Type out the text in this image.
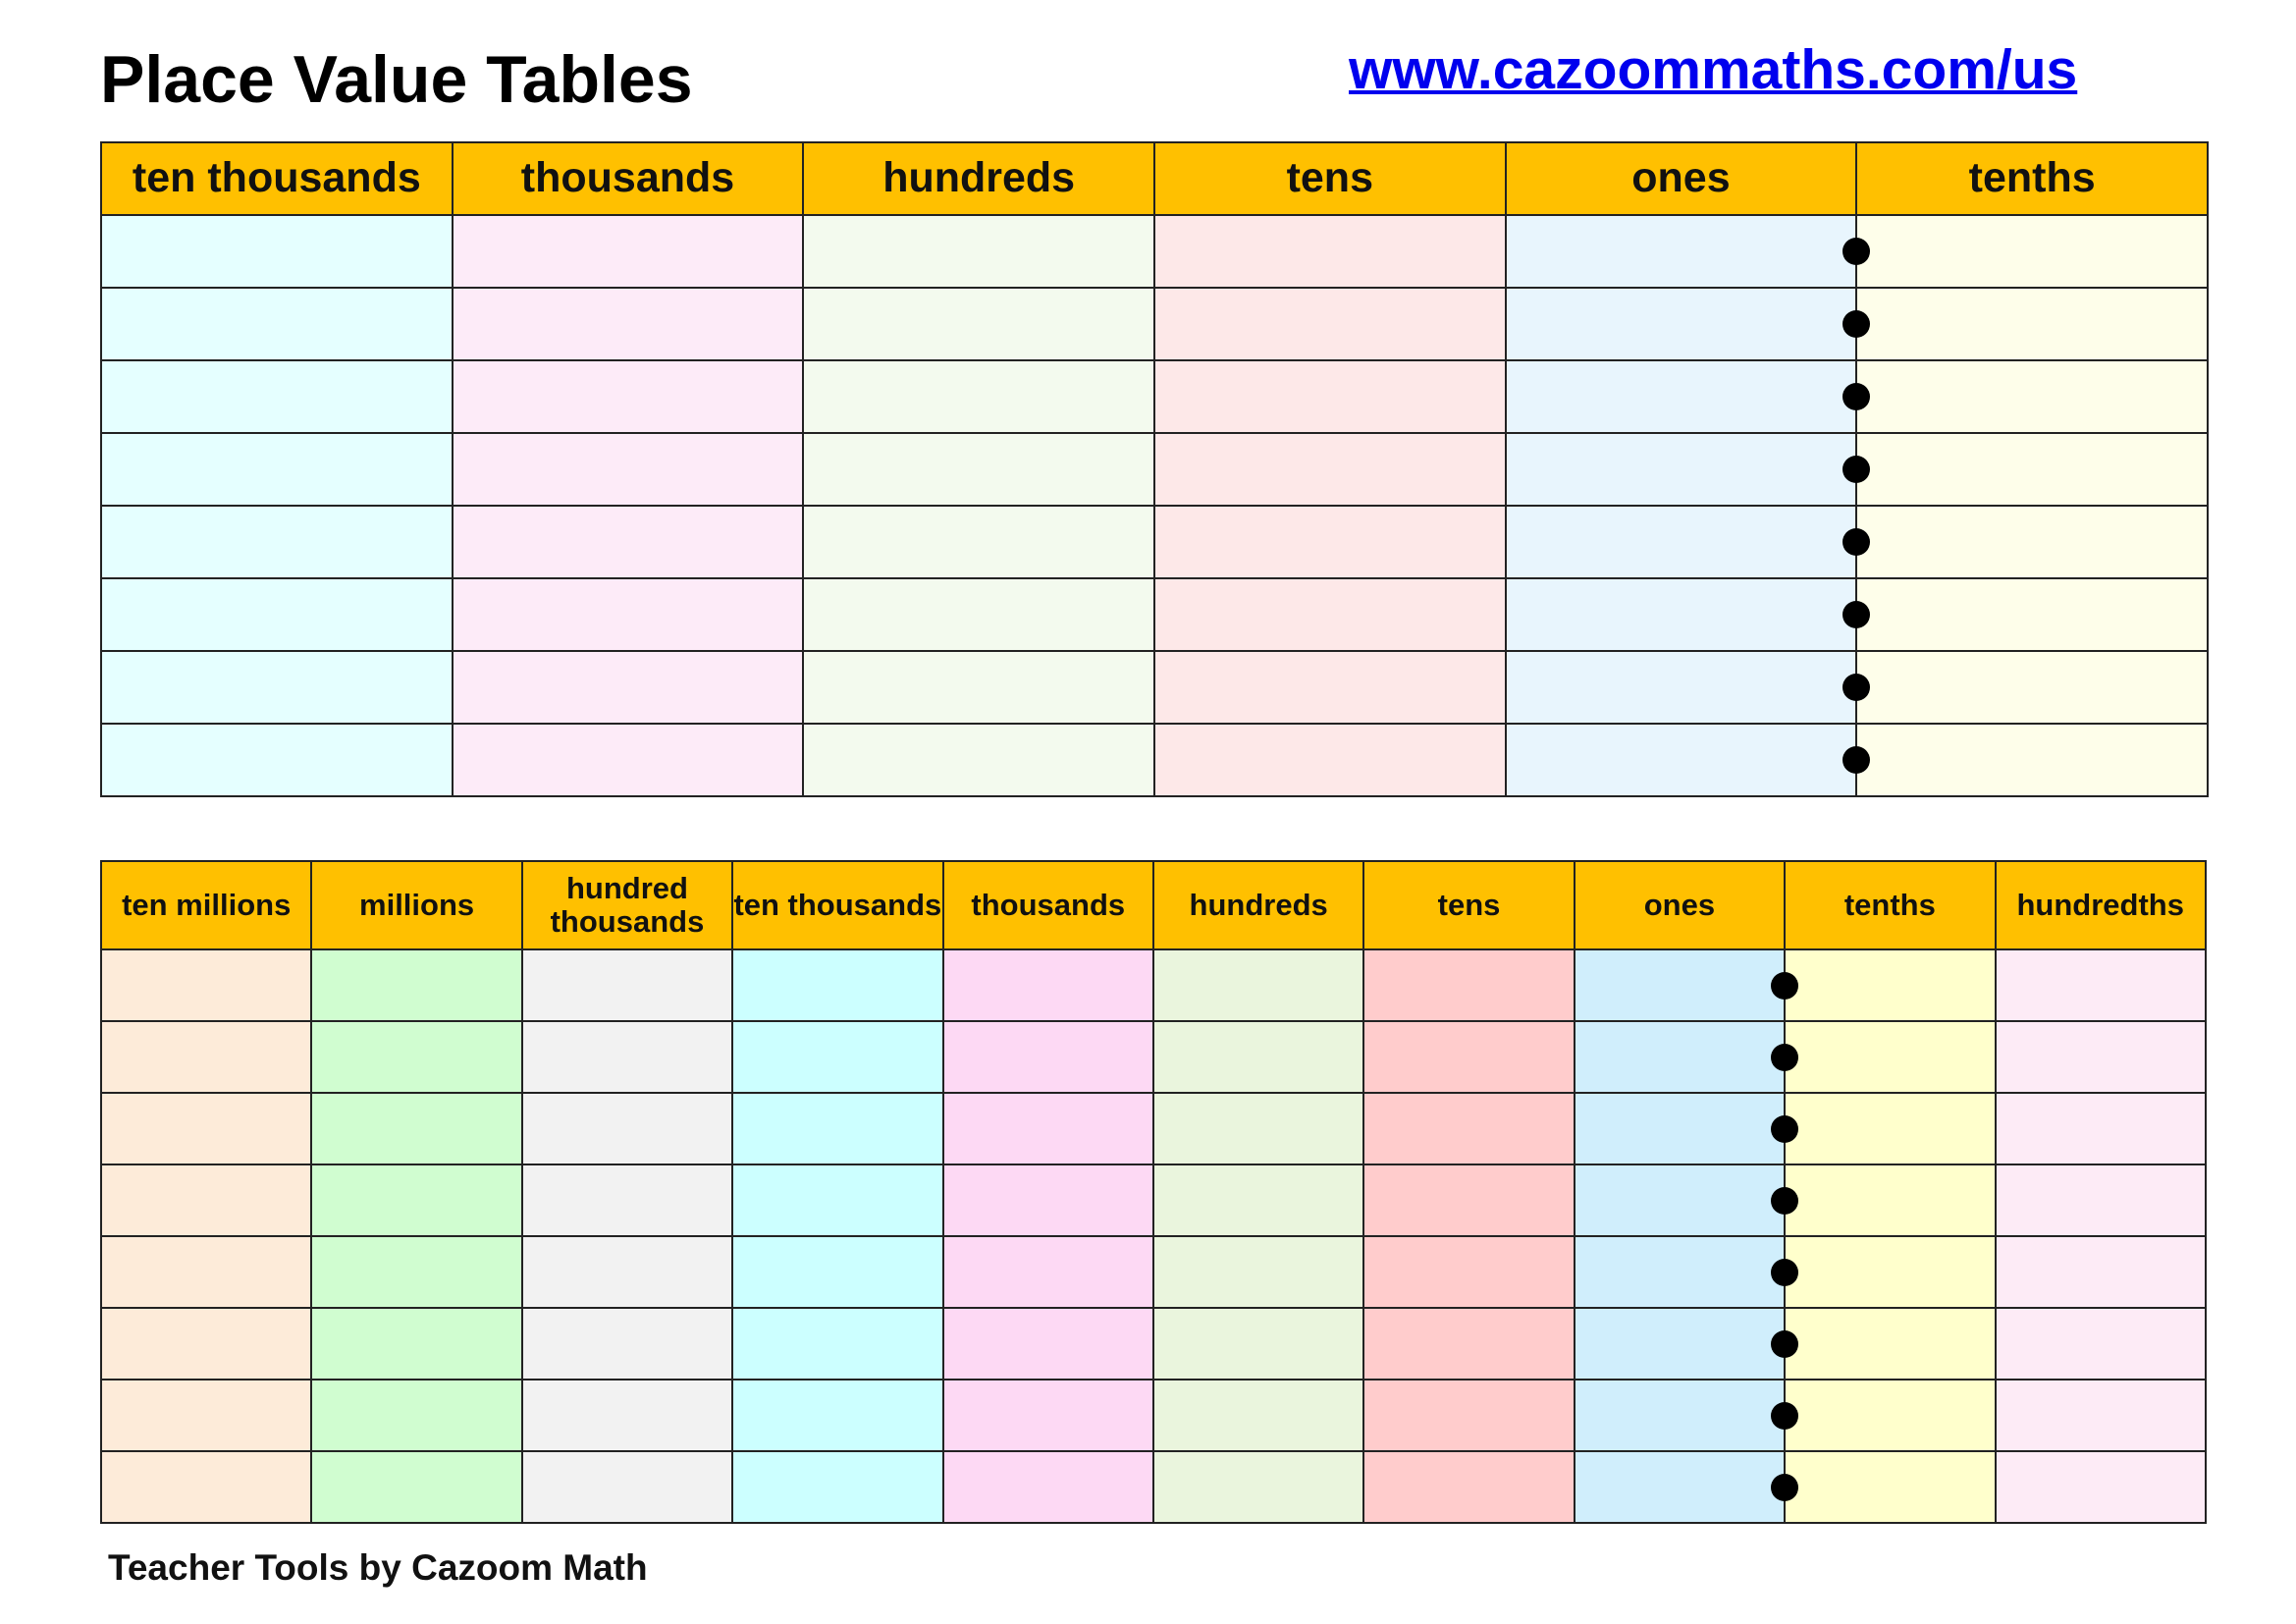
Place Value Tables	www.cazoommaths.com/us
ten thousands	thousands	hundreds	tens	ones	tenths

ten millions	millions	hundred thousands	ten thousands	thousands	hundreds	tens	ones	tenths	hundredths

Teacher Tools by Cazoom Math
